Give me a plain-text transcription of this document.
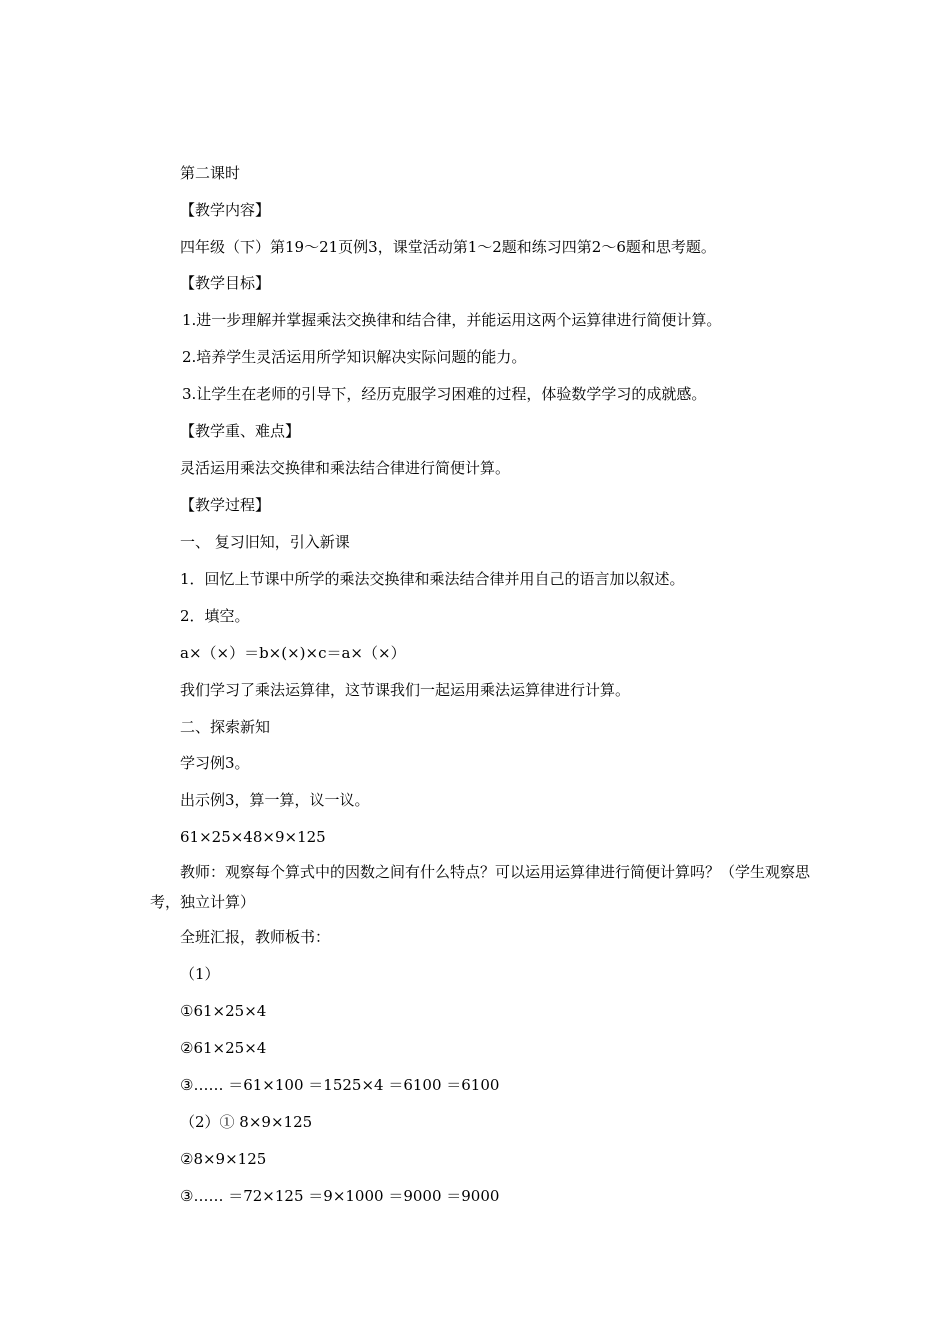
第二课时
【教学内容】
四年级（下）第19～21页例3，课堂活动第1～2题和练习四第2～6题和思考题。
【教学目标】
1.进一步理解并掌握乘法交换律和结合律，并能运用这两个运算律进行简便计算。
2.培养学生灵活运用所学知识解决实际问题的能力。
3.让学生在老师的引导下，经历克服学习困难的过程，体验数学学习的成就感。
【教学重、难点】
灵活运用乘法交换律和乘法结合律进行简便计算。
【教学过程】
一、 复习旧知，引入新课
1．回忆上节课中所学的乘法交换律和乘法结合律并用自己的语言加以叙述。
2．填空。
a×（×）＝b×(×)×c＝a×（×）
我们学习了乘法运算律，这节课我们一起运用乘法运算律进行计算。
二、探索新知
学习例3。
出示例3，算一算，议一议。
61×25×48×9×125
教师：观察每个算式中的因数之间有什么特点？可以运用运算律进行简便计算吗？（学生观察思考，独立计算）
全班汇报，教师板书：
（1）
①61×25×4
②61×25×4
③…… ＝61×100 ＝1525×4 ＝6100 ＝6100
（2）① 8×9×125
②8×9×125
③…… ＝72×125 ＝9×1000 ＝9000 ＝9000
